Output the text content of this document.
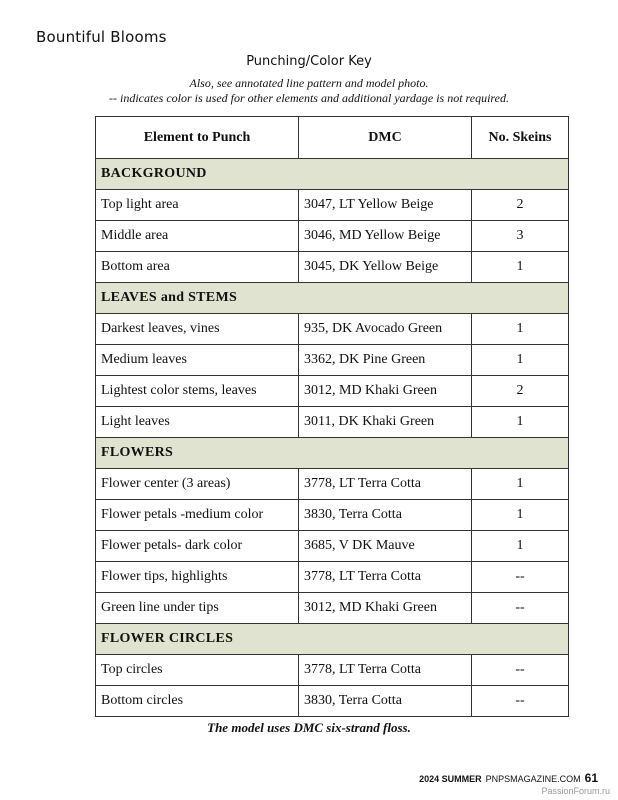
Bountiful Blooms
Punching/Color Key
Also, see annotated line pattern and model photo.
-- indicates color is used for other elements and additional yardage is not required.
Element to Punch	DMC	No. Skeins
BACKGROUND		
Top light area	3047, LT Yellow Beige	2
Middle area	3046, MD Yellow Beige	3
Bottom area	3045, DK Yellow Beige	1
LEAVES and STEMS		
Darkest leaves, vines	935, DK Avocado Green	1
Medium leaves	3362, DK Pine Green	1
Lightest color stems, leaves	3012, MD Khaki Green	2
Light leaves	3011, DK Khaki Green	1
FLOWERS		
Flower center (3 areas)	3778, LT Terra Cotta	1
Flower petals -medium color	3830, Terra Cotta	1
Flower petals- dark color	3685, V DK Mauve	1
Flower tips, highlights	3778, LT Terra Cotta	--
Green line under tips	3012, MD Khaki Green	--
FLOWER CIRCLES		
Top circles	3778, LT Terra Cotta	--
Bottom circles	3830, Terra Cotta	--
The model uses DMC six-strand floss.
2024 SUMMER PNPSMAGAZINE.COM 61
PassionForum.ru
